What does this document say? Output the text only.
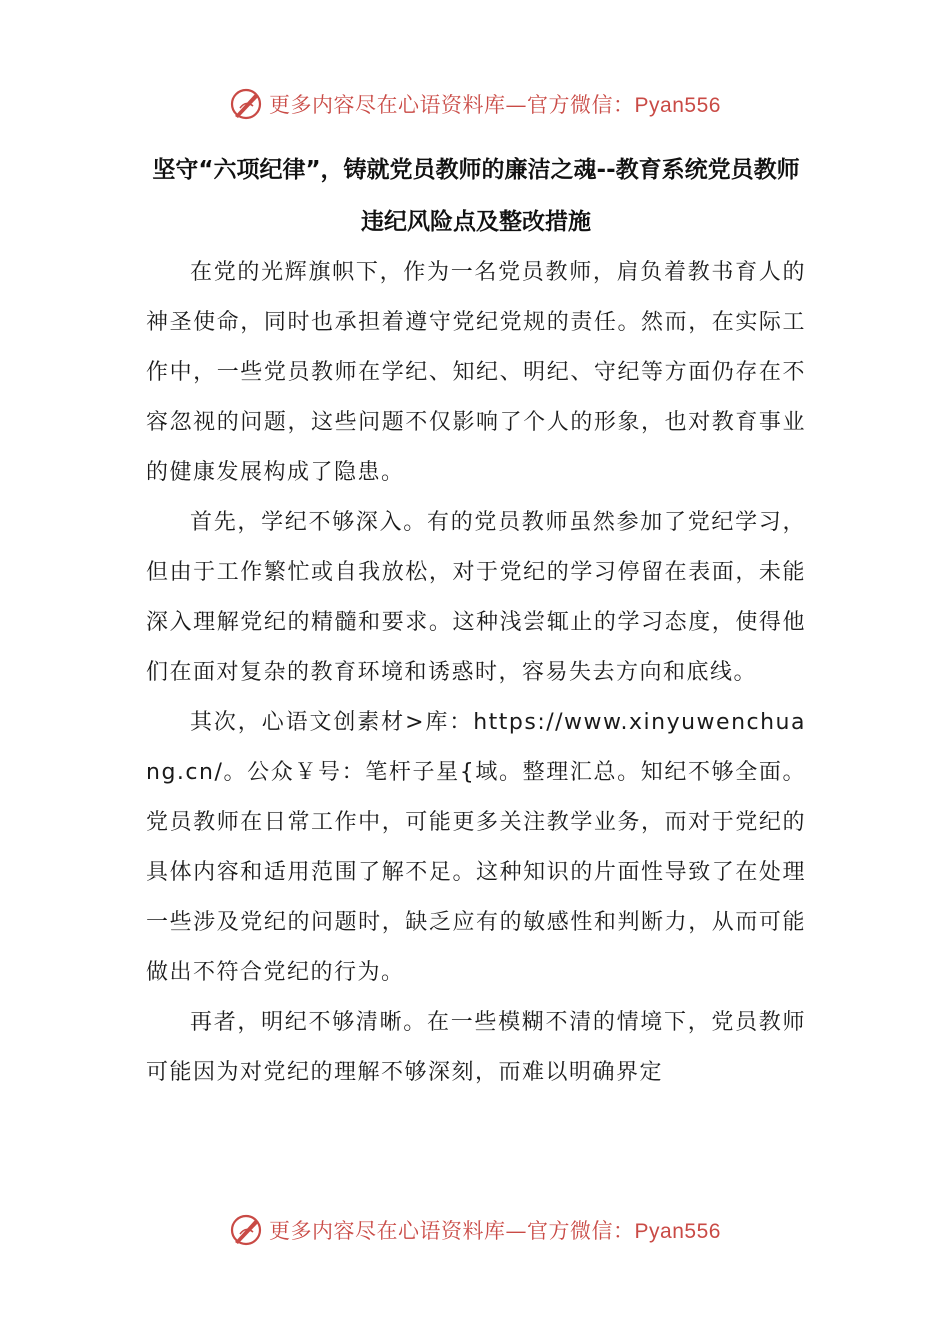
更多内容尽在心语资料库—官方微信：Pyan556
坚守“六项纪律”，铸就党员教师的廉洁之魂--教育系统党员教师违纪风险点及整改措施

在党的光辉旗帜下，作为一名党员教师，肩负着教书育人的神圣使命，同时也承担着遵守党纪党规的责任。然而，在实际工作中，一些党员教师在学纪、知纪、明纪、守纪等方面仍存在不容忽视的问题，这些问题不仅影响了个人的形象，也对教育事业的健康发展构成了隐患。

首先，学纪不够深入。有的党员教师虽然参加了党纪学习，但由于工作繁忙或自我放松，对于党纪的学习停留在表面，未能深入理解党纪的精髓和要求。这种浅尝辄止的学习态度，使得他们在面对复杂的教育环境和诱惑时，容易失去方向和底线。

其次，心语文创素材>库：https://www.xinyuwenchuang.cn/。公众￥号：笔杆子星{域。整理汇总。知纪不够全面。党员教师在日常工作中，可能更多关注教学业务，而对于党纪的具体内容和适用范围了解不足。这种知识的片面性导致了在处理一些涉及党纪的问题时，缺乏应有的敏感性和判断力，从而可能做出不符合党纪的行为。

再者，明纪不够清晰。在一些模糊不清的情境下，党员教师可能因为对党纪的理解不够深刻，而难以明确界定

更多内容尽在心语资料库—官方微信：Pyan556
